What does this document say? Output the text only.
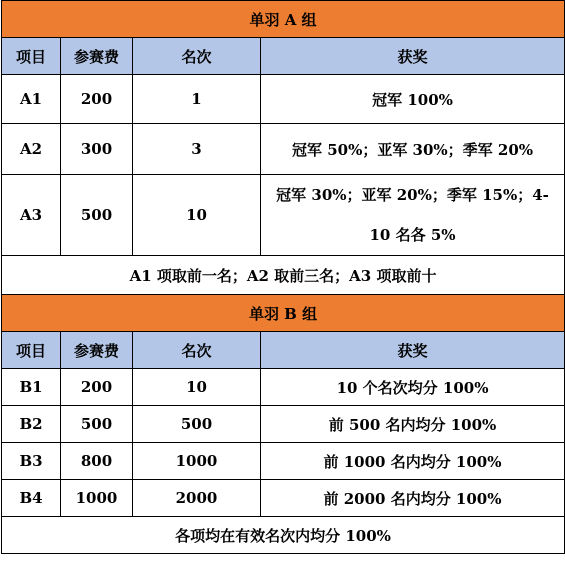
单羽 A 组			
项目	参赛费	名次	获奖
A1	200	1	冠军 100%
A2	300	3	冠军 50%；亚军 30%；季军 20%
A3	500	10	冠军 30%；亚军 20%；季军 15%；4-10 名各 5%

A1 项取前一名；A2 取前三名；A3 项取前十			
单羽 B 组			
项目	参赛费	名次	获奖
B1	200	10	10 个名次均分 100%
B2	500	500	前 500 名内均分 100%
B3	800	1000	前 1000 名内均分 100%
B4	1000	2000	前 2000 名内均分 100%
各项均在有效名次内均分 100%			
